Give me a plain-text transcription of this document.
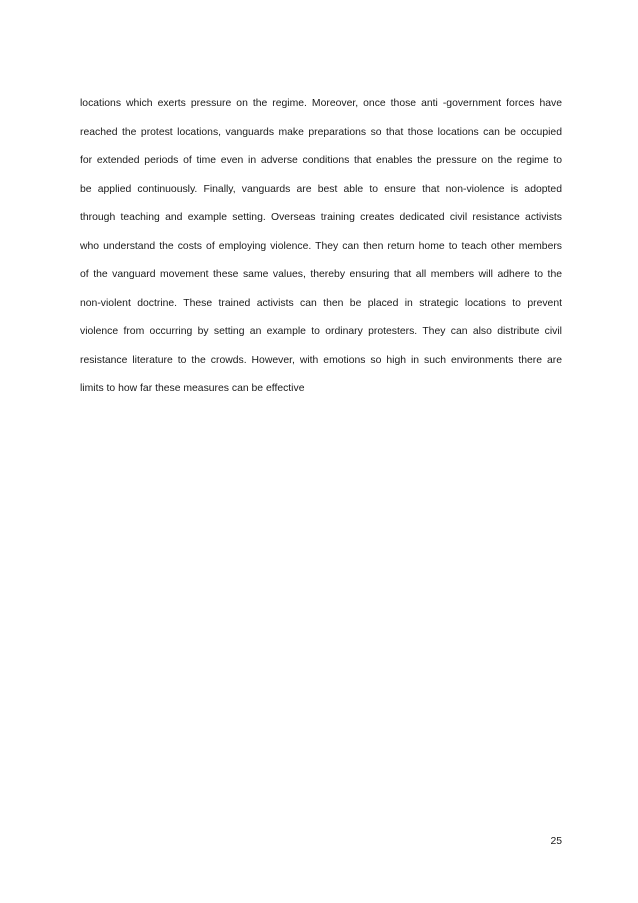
locations which exerts pressure on the regime. Moreover, once those anti -government forces have
reached the protest locations, vanguards make preparations so that those locations can be occupied
for extended periods of time even in adverse conditions that enables the pressure on the regime to
be applied continuously. Finally, vanguards are best able to ensure that non-violence is adopted
through teaching and example setting. Overseas training creates dedicated civil resistance activists
who understand the costs of employing violence. They can then return home to teach other members
of the vanguard movement these same values, thereby ensuring that all members will adhere to the
non-violent doctrine. These trained activists can then be placed in strategic locations to prevent
violence from occurring by setting an example to ordinary protesters. They can also distribute civil
resistance literature to the crowds. However, with emotions so high in such environments there are
limits to how far these measures can be effective
25
